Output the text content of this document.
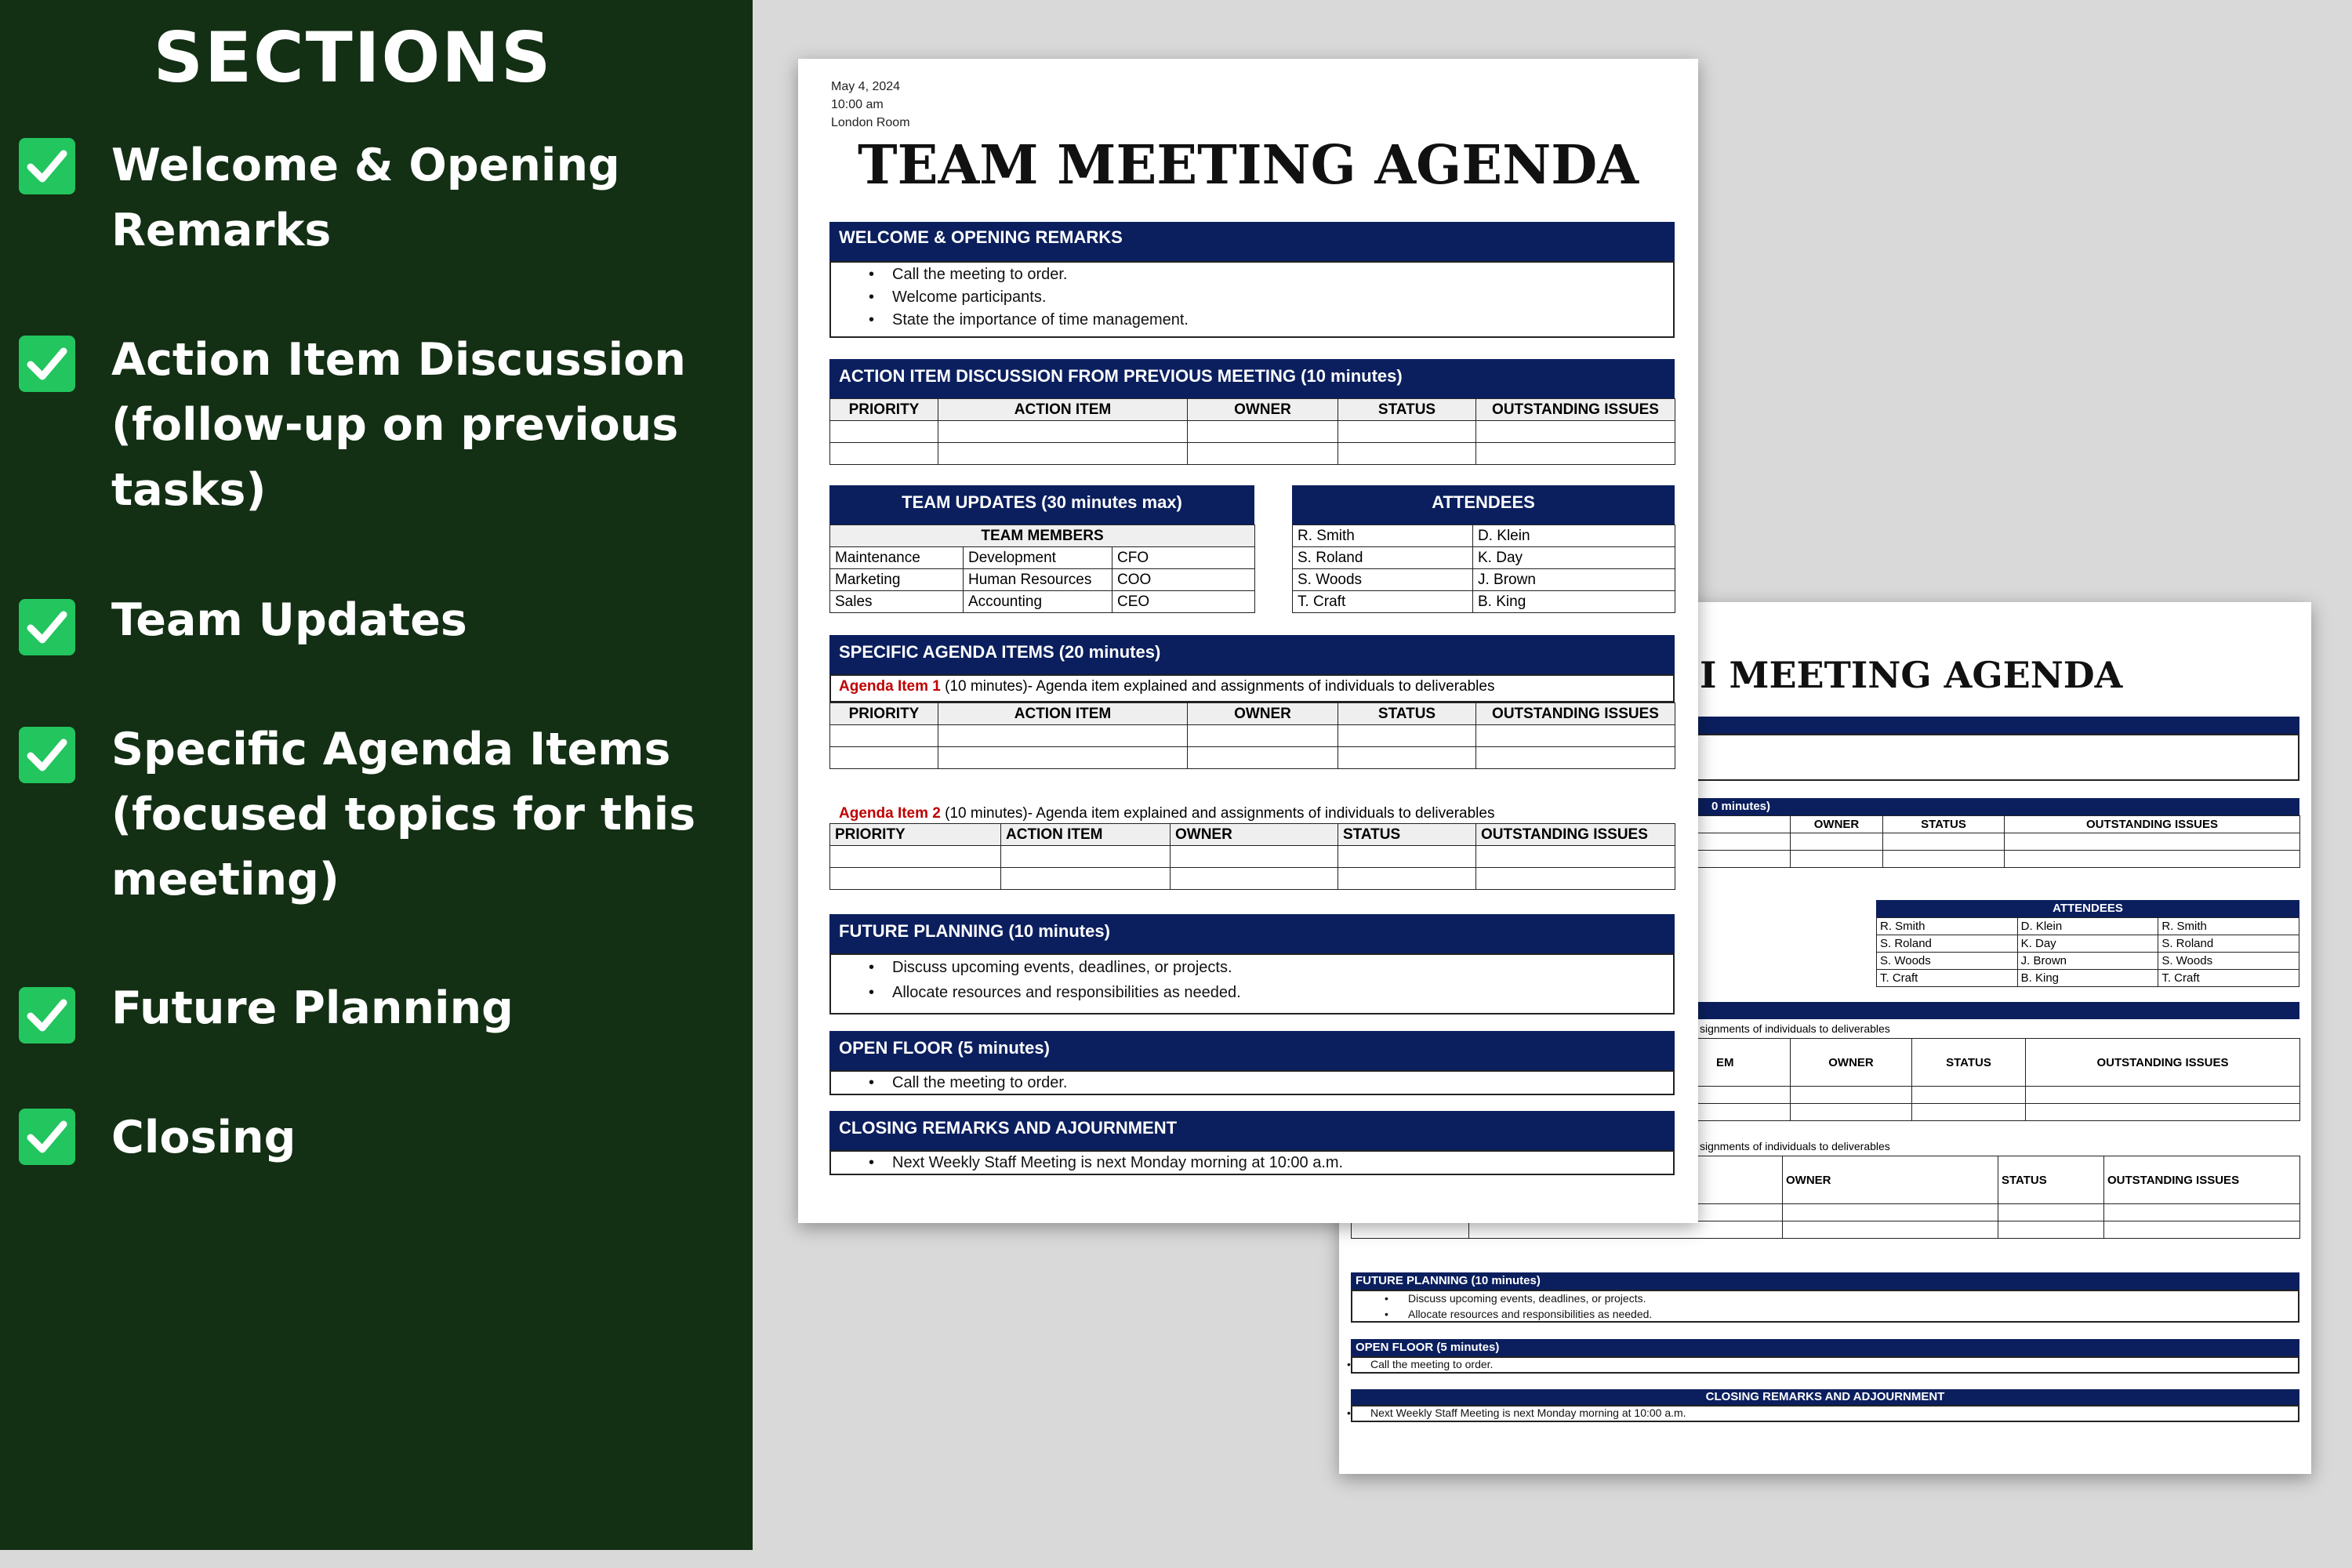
SECTIONS
Welcome & Opening
Remarks
Action Item Discussion
(follow-up on previous
tasks)
Team Updates
Specific Agenda Items
(focused topics for this
meeting)
Future Planning
Closing
I MEETING AGENDA
0 minutes)
	OWNER	STATUS	OUTSTANDING ISSUES

ATTENDEES
R. Smith	D. Klein	R. Smith
S. Roland	K. Day	S. Roland
S. Woods	J. Brown	S. Woods
T. Craft	B. King	T. Craft
signments of individuals to deliverables
EM	OWNER	STATUS	OUTSTANDING ISSUES

signments of individuals to deliverables
		OWNER	STATUS	OUTSTANDING ISSUES

FUTURE PLANNING (10 minutes)
• Discuss upcoming events, deadlines, or projects.
• Allocate resources and responsibilities as needed.
OPEN FLOOR (5 minutes)
• Call the meeting to order.
CLOSING REMARKS AND ADJOURNMENT
• Next Weekly Staff Meeting is next Monday morning at 10:00 a.m.
May 4, 2024
10:00 am
London Room
TEAM MEETING AGENDA
WELCOME & OPENING REMARKS
• Call the meeting to order.
• Welcome participants.
• State the importance of time management.
ACTION ITEM DISCUSSION FROM PREVIOUS MEETING (10 minutes)
PRIORITY	ACTION ITEM	OWNER	STATUS	OUTSTANDING ISSUES

TEAM UPDATES (30 minutes max)
TEAM MEMBERS		
Maintenance	Development	CFO
Marketing	Human Resources	COO
Sales	Accounting	CEO
ATTENDEES
R. Smith	D. Klein
S. Roland	K. Day
S. Woods	J. Brown
T. Craft	B. King
SPECIFIC AGENDA ITEMS (20 minutes)
Agenda Item 1 (10 minutes)- Agenda item explained and assignments of individuals to deliverables
PRIORITY	ACTION ITEM	OWNER	STATUS	OUTSTANDING ISSUES

Agenda Item 2 (10 minutes)- Agenda item explained and assignments of individuals to deliverables
PRIORITY	ACTION ITEM	OWNER	STATUS	OUTSTANDING ISSUES

FUTURE PLANNING (10 minutes)
• Discuss upcoming events, deadlines, or projects.
• Allocate resources and responsibilities as needed.
OPEN FLOOR (5 minutes)
• Call the meeting to order.
CLOSING REMARKS AND AJOURNMENT
• Next Weekly Staff Meeting is next Monday morning at 10:00 a.m.
